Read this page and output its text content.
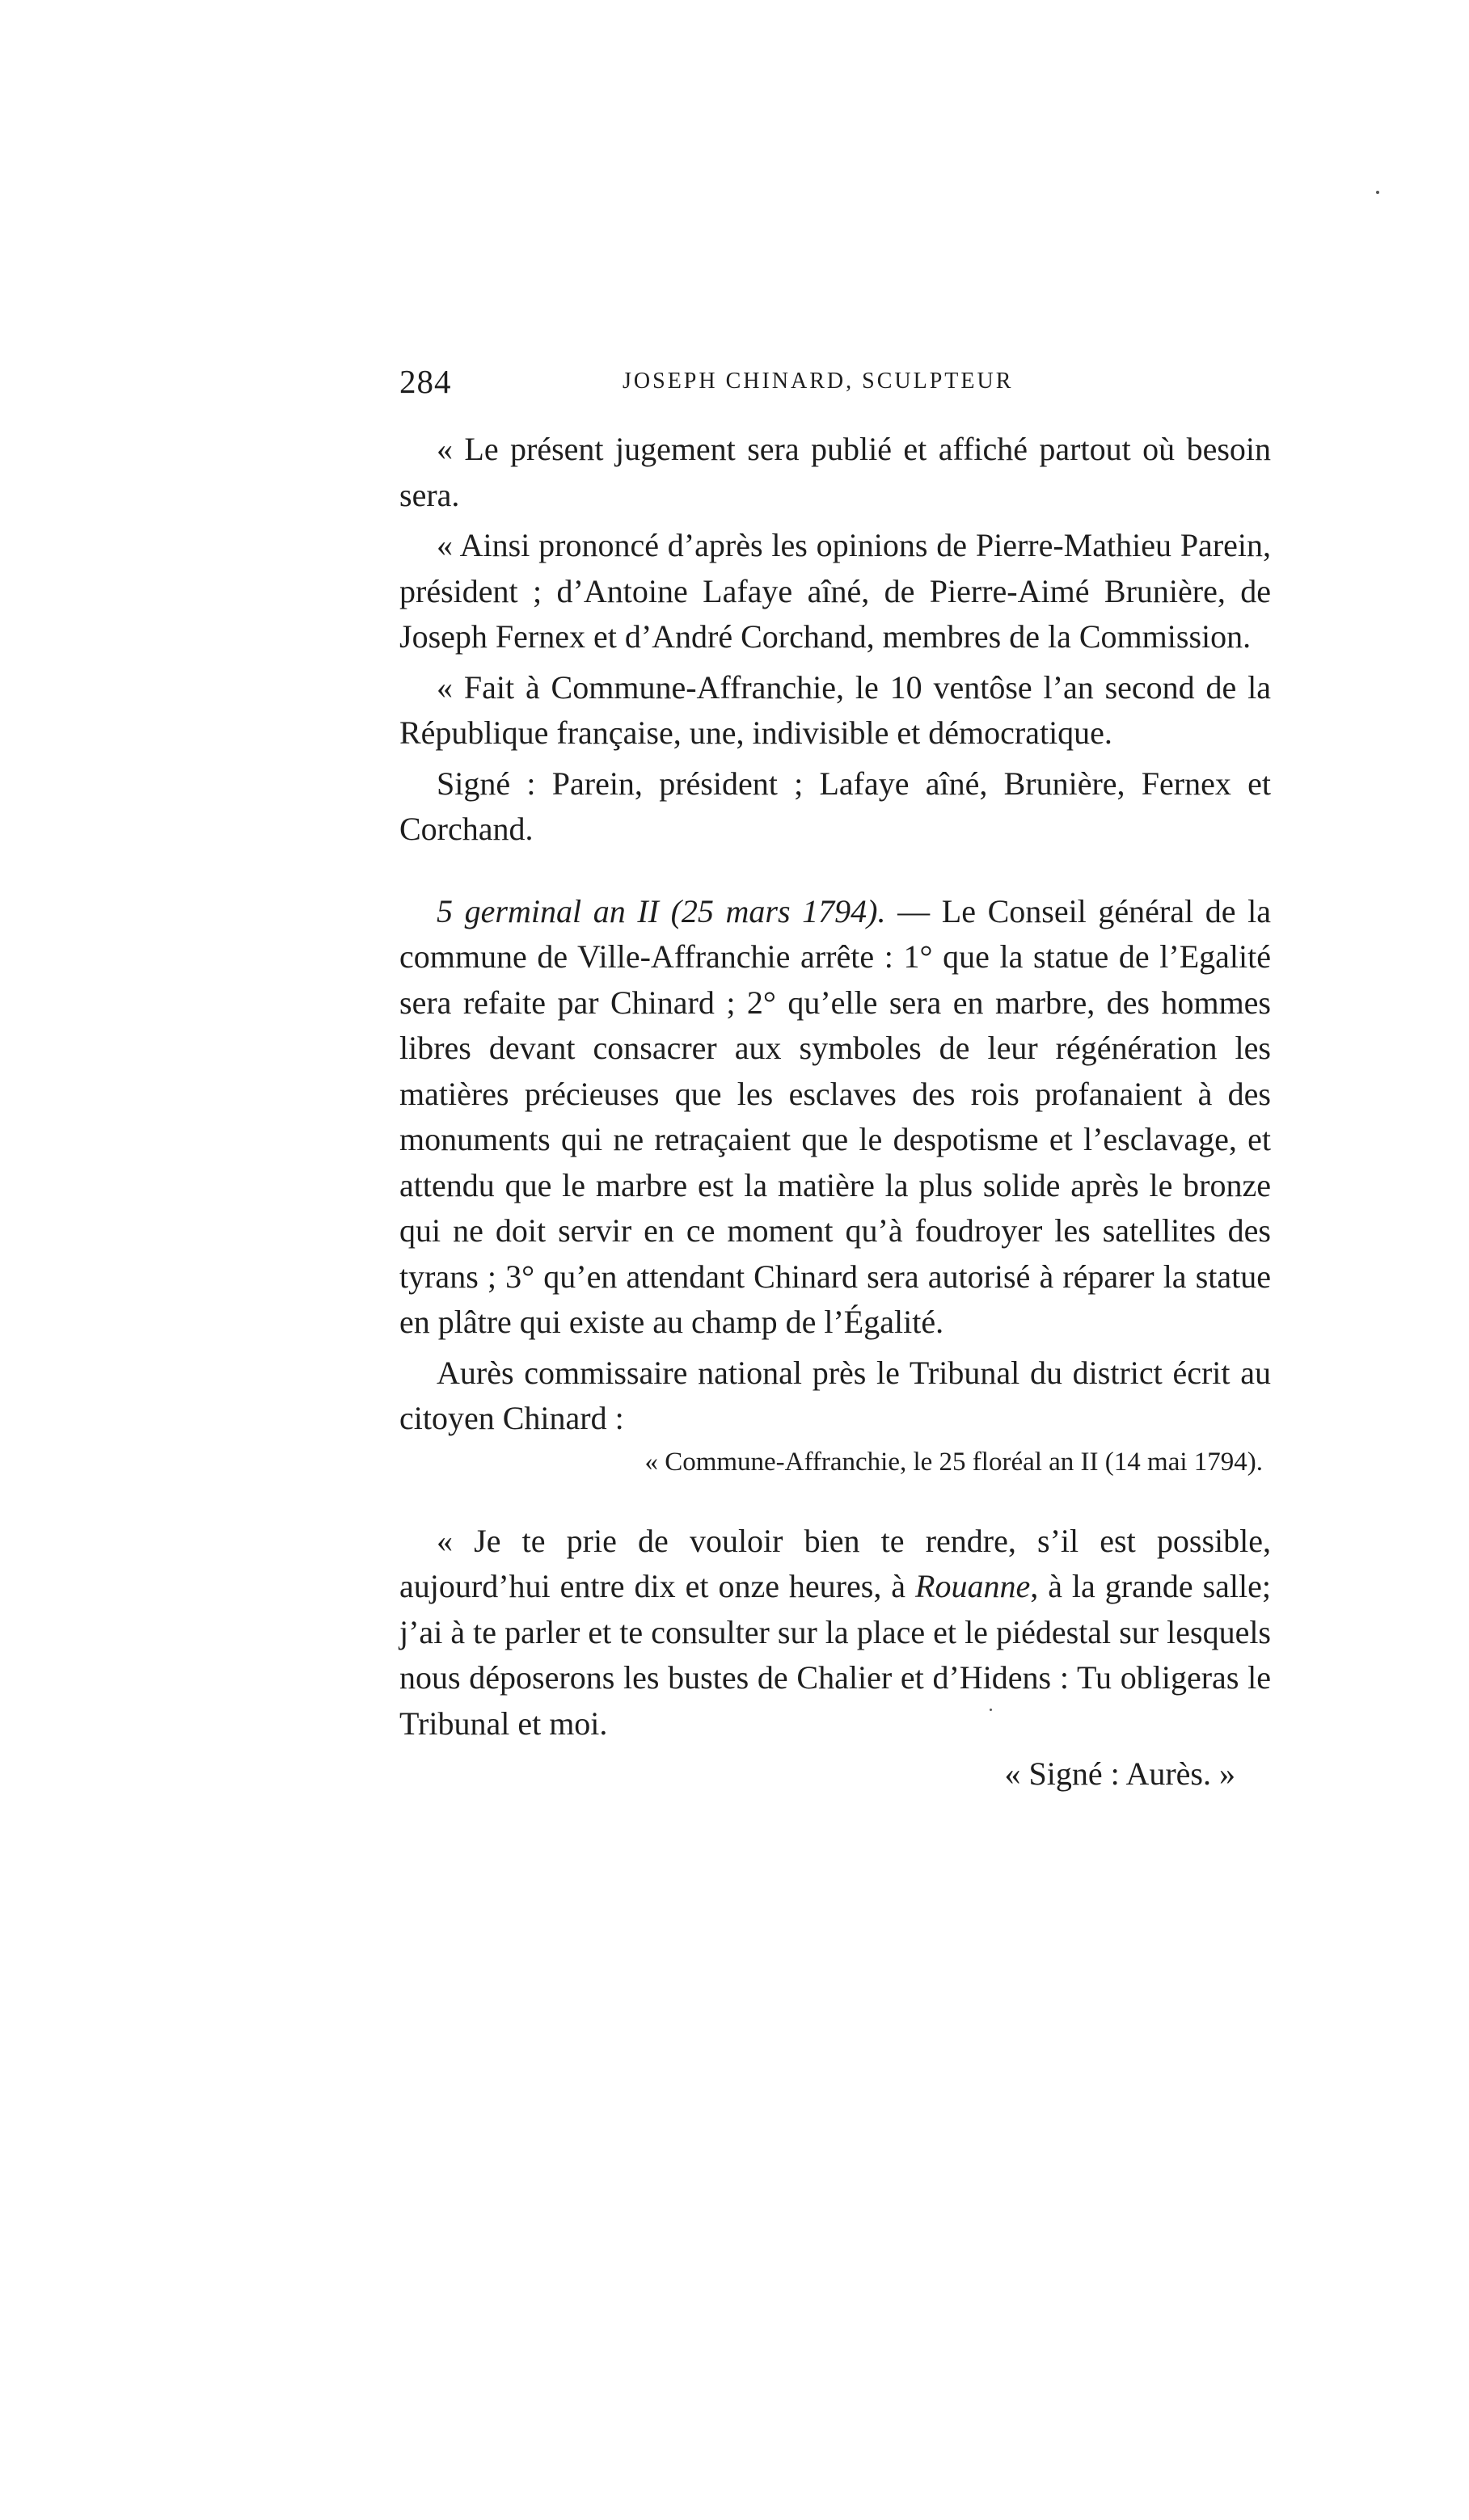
284	JOSEPH CHINARD, SCULPTEUR

« Le présent jugement sera publié et affiché partout où besoin sera.

« Ainsi prononcé d’après les opinions de Pierre-Mathieu Parein, président ; d’Antoine Lafaye aîné, de Pierre-Aimé Brunière, de Joseph Fernex et d’André Corchand, membres de la Commission.

« Fait à Commune-Affranchie, le 10 ventôse l’an second de la République française, une, indivisible et démocratique.

Signé : Parein, président ; Lafaye aîné, Brunière, Fernex et Corchand.

5 germinal an II (25 mars 1794). — Le Conseil général de la commune de Ville-Affranchie arrête : 1° que la statue de l’Egalité sera refaite par Chinard ; 2° qu’elle sera en marbre, des hommes libres devant consacrer aux symboles de leur régénération les matières précieuses que les esclaves des rois profanaient à des monuments qui ne retraçaient que le despotisme et l’esclavage, et attendu que le marbre est la matière la plus solide après le bronze qui ne doit servir en ce moment qu’à foudroyer les satellites des tyrans ; 3° qu’en attendant Chinard sera autorisé à réparer la statue en plâtre qui existe au champ de l’Égalité.

Aurès commissaire national près le Tribunal du district écrit au citoyen Chinard :

« Commune-Affranchie, le 25 floréal an II (14 mai 1794).

« Je te prie de vouloir bien te rendre, s’il est possible, aujourd’hui entre dix et onze heures, à Rouanne, à la grande salle; j’ai à te parler et te consulter sur la place et le piédestal sur lesquels nous déposerons les bustes de Chalier et d’Hidens : Tu obligeras le Tribunal et moi.

« Signé : Aurès. »
